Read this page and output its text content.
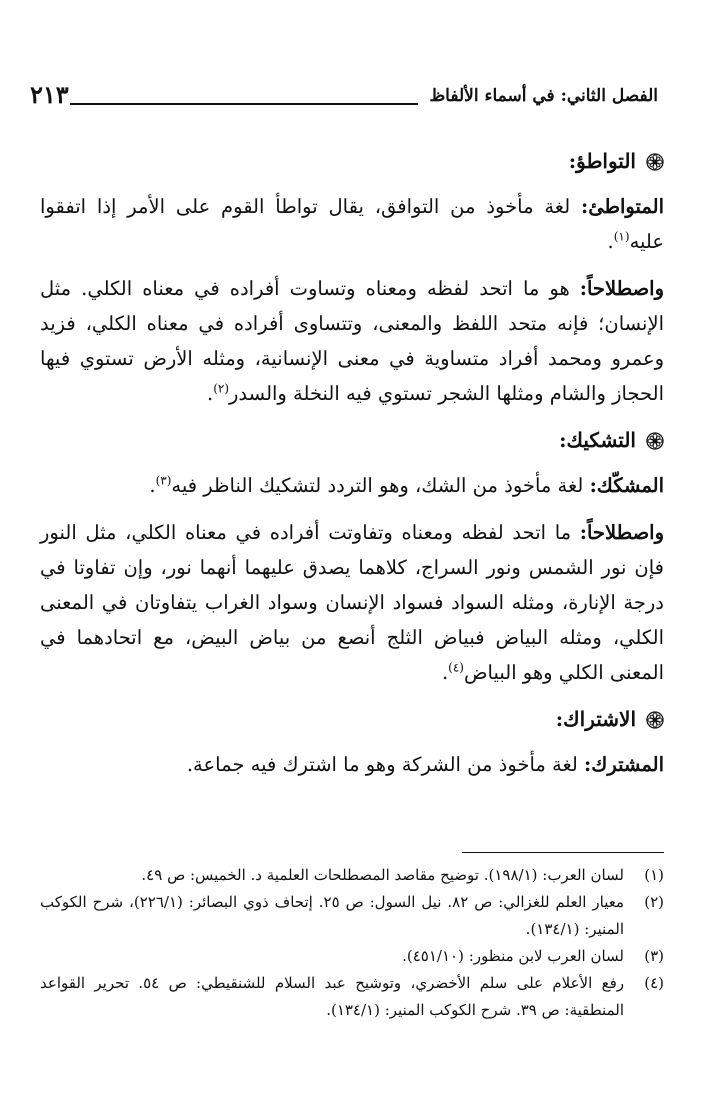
الفصل الثاني: في أسماء الألفاظ
٢١٣
التواطؤ:

المتواطئ: لغة مأخوذ من التوافق، يقال تواطأ القوم على الأمر إذا اتفقوا عليه$^{(١)}$.

واصطلاحاً: هو ما اتحد لفظه ومعناه وتساوت أفراده في معناه الكلي. مثل الإنسان؛ فإنه متحد اللفظ والمعنى، وتتساوى أفراده في معناه الكلي، فزيد وعمرو ومحمد أفراد متساوية في معنى الإنسانية، ومثله الأرض تستوي فيها الحجاز والشام ومثلها الشجر تستوي فيه النخلة والسدر$^{(٢)}$.

التشكيك:

المشكّك: لغة مأخوذ من الشك، وهو التردد لتشكيك الناظر فيه$^{(٣)}$.

واصطلاحاً: ما اتحد لفظه ومعناه وتفاوتت أفراده في معناه الكلي، مثل النور فإن نور الشمس ونور السراج، كلاهما يصدق عليهما أنهما نور، وإن تفاوتا في درجة الإنارة، ومثله السواد فسواد الإنسان وسواد الغراب يتفاوتان في المعنى الكلي، ومثله البياض فبياض الثلج أنصع من بياض البيض، مع اتحادهما في المعنى الكلي وهو البياض$^{(٤)}$.

الاشتراك:

المشترك: لغة مأخوذ من الشركة وهو ما اشترك فيه جماعة.

(١)
لسان العرب: (١٩٨/١). توضيح مقاصد المصطلحات العلمية د. الخميس: ص ٤٩.
(٢)
معيار العلم للغزالي: ص ٨٢. نيل السول: ص ٢٥. إتحاف ذوي البصائر: (٢٢٦/١)، شرح الكوكب المنير: (١٣٤/١).
(٣)
لسان العرب لابن منظور: (٤٥١/١٠).
(٤)
رفع الأعلام على سلم الأخضري، وتوشيح عبد السلام للشنقيطي: ص ٥٤. تحرير القواعد المنطقية: ص ٣٩. شرح الكوكب المنير: (١٣٤/١).
